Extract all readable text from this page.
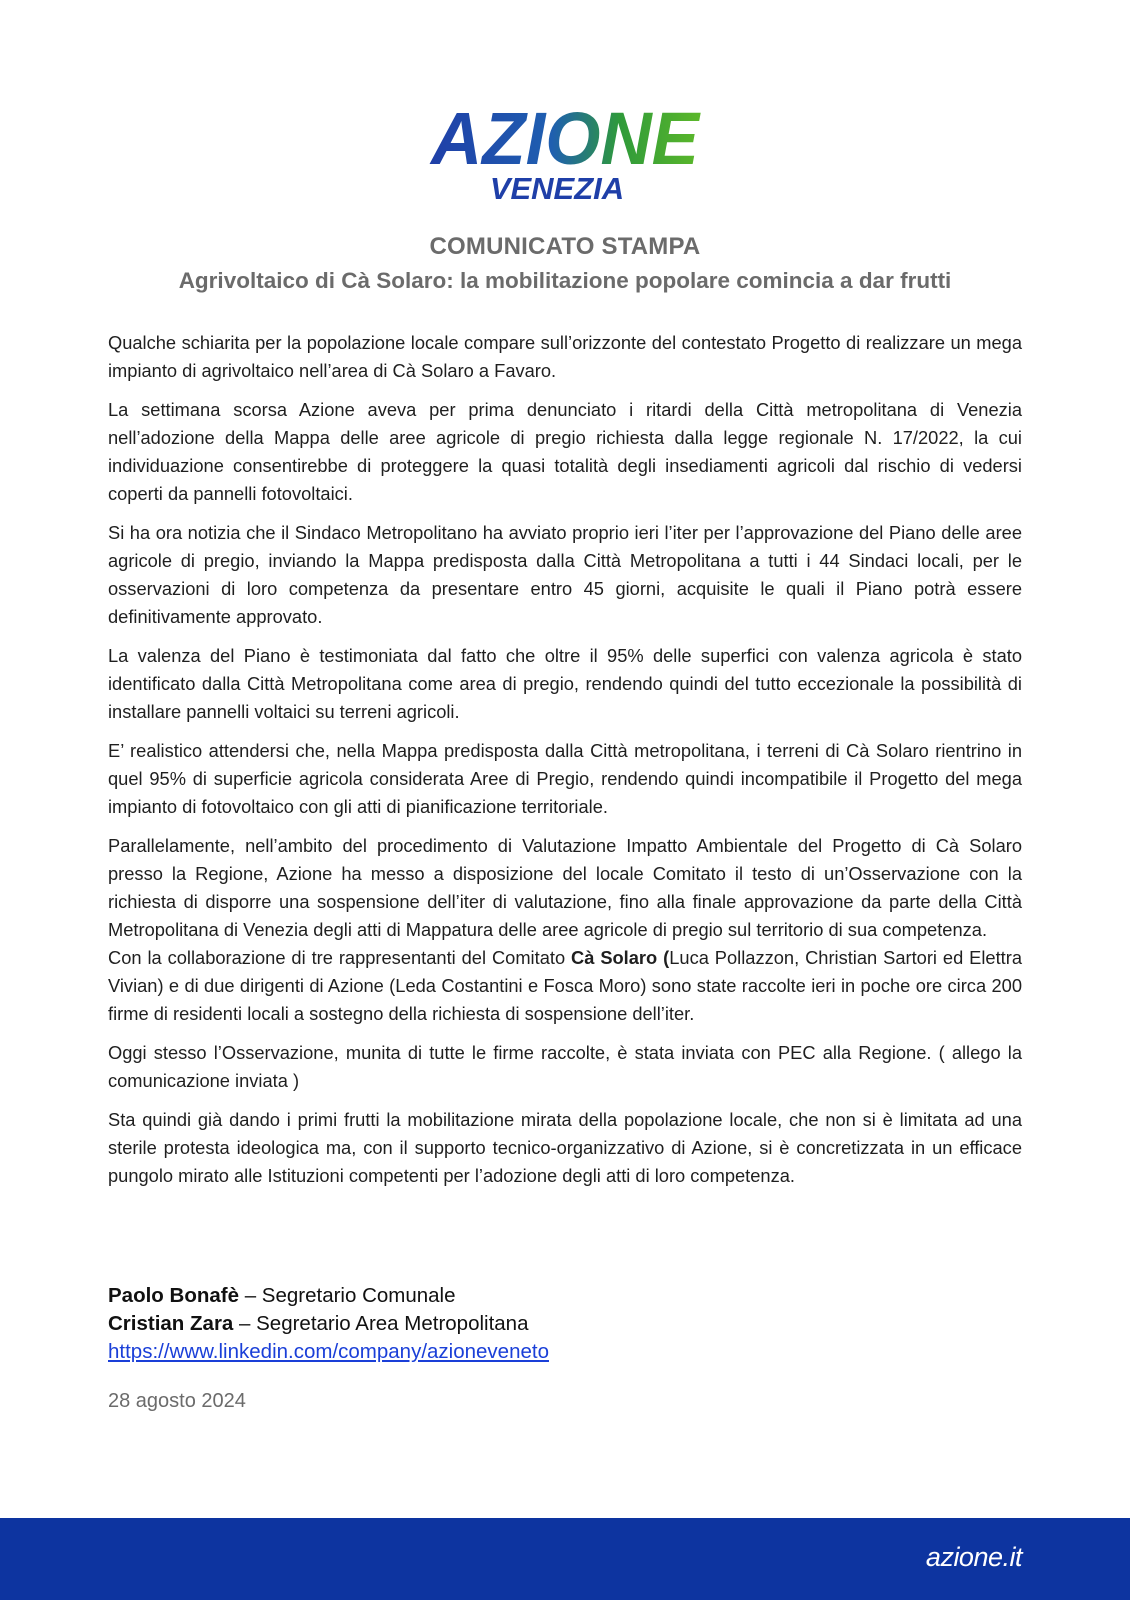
AZIONE
VENEZIA
COMUNICATO STAMPA
Agrivoltaico di Cà Solaro: la mobilitazione popolare comincia a dar frutti

Qualche schiarita per la popolazione locale compare sull’orizzonte del contestato Progetto di realizzare un mega impianto di agrivoltaico nell’area di Cà Solaro a Favaro.

La settimana scorsa Azione aveva per prima denunciato i ritardi della Città metropolitana di Venezia nell’adozione della Mappa delle aree agricole di pregio richiesta dalla legge regionale N. 17/2022, la cui individuazione consentirebbe di proteggere la quasi totalità degli insediamenti agricoli dal rischio di vedersi coperti da pannelli fotovoltaici.

Si ha ora notizia che il Sindaco Metropolitano ha avviato proprio ieri l’iter per l’approvazione del Piano delle aree agricole di pregio, inviando la Mappa predisposta dalla Città Metropolitana a tutti i 44 Sindaci locali, per le osservazioni di loro competenza da presentare entro 45 giorni, acquisite le quali il Piano potrà essere definitivamente approvato.

La valenza del Piano è testimoniata dal fatto che oltre il 95% delle superfici con valenza agricola è stato identificato dalla Città Metropolitana come area di pregio, rendendo quindi del tutto eccezionale la possibilità di installare pannelli voltaici su terreni agricoli.

E’ realistico attendersi che, nella Mappa predisposta dalla Città metropolitana, i terreni di Cà Solaro rientrino in quel 95% di superficie agricola considerata Aree di Pregio, rendendo quindi incompatibile il Progetto del mega impianto di fotovoltaico con gli atti di pianificazione territoriale.

Parallelamente, nell’ambito del procedimento di Valutazione Impatto Ambientale del Progetto di Cà Solaro presso la Regione, Azione ha messo a disposizione del locale Comitato il testo di un’Osservazione con la richiesta di disporre una sospensione dell’iter di valutazione, fino alla finale approvazione da parte della Città Metropolitana di Venezia degli atti di Mappatura delle aree agricole di pregio sul territorio di sua competenza.

Con la collaborazione di tre rappresentanti del Comitato Cà Solaro (Luca Pollazzon, Christian Sartori ed Elettra Vivian) e di due dirigenti di Azione (Leda Costantini e Fosca Moro) sono state raccolte ieri in poche ore circa 200 firme di residenti locali a sostegno della richiesta di sospensione dell’iter.

Oggi stesso l’Osservazione, munita di tutte le firme raccolte, è stata inviata con PEC alla Regione. ( allego la comunicazione inviata )

Sta quindi già dando i primi frutti la mobilitazione mirata della popolazione locale, che non si è limitata ad una sterile protesta ideologica ma, con il supporto tecnico-organizzativo di Azione, si è concretizzata in un efficace pungolo mirato alle Istituzioni competenti per l’adozione degli atti di loro competenza.

Paolo Bonafè – Segretario Comunale
Cristian Zara – Segretario Area Metropolitana
https://www.linkedin.com/company/azioneveneto
28 agosto 2024
azione.it
